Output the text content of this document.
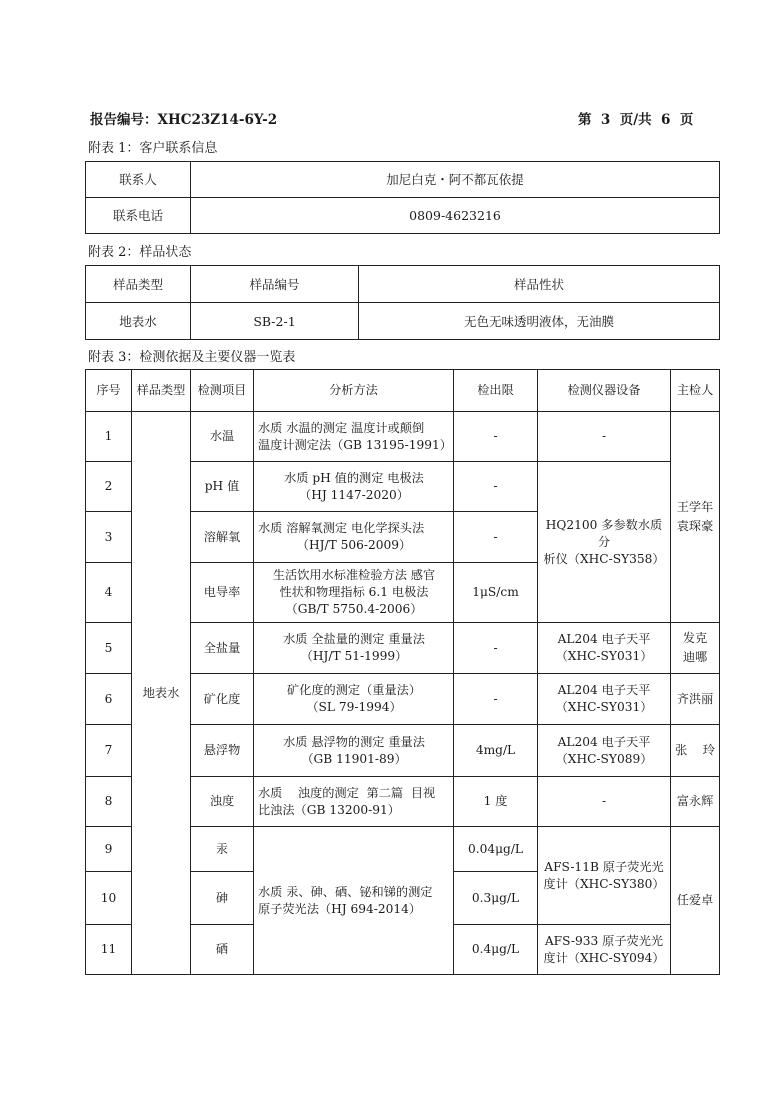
报告编号：XHC23Z14-6Y-2	第  3  页/共  6  页
附表 1：客户联系信息
联系人	加尼白克・阿不都瓦依提
联系电话	0809-4623216
附表 2：样品状态
样品类型	样品编号	样品性状
地表水	SB-2-1	无色无味透明液体，无油膜
附表 3：检测依据及主要仪器一览表
序号	样品类型	检测项目	分析方法	检出限	检测仪器设备	主检人
1	地表水	水温	水质 水温的测定 温度计或颠倒
温度计测定法（GB 13195-1991）	-	-	王学年
袁琛豪

2		pH 值	水质 pH 值的测定 电极法
（HJ 1147-2020）	-	HQ2100 多参数水质分
析仪（XHC-SY358）	

3		溶解氧	水质 溶解氧测定 电化学探头法
（HJ/T 506-2009）	-		
4		电导率	生活饮用水标准检验方法 感官
性状和物理指标 6.1 电极法
（GB/T 5750.4-2006）	1μS/cm		
5		全盐量	水质 全盐量的测定 重量法
（HJ/T 51-1999）	-	AL204 电子天平
（XHC-SY031）	发克
迪哪

6		矿化度	矿化度的测定（重量法）
（SL 79-1994）	-	AL204 电子天平
（XHC-SY031）	齐洪丽
7		悬浮物	水质 悬浮物的测定 重量法
（GB 11901-89）	4mg/L	AL204 电子天平
（XHC-SY089）	张    玲
8		浊度	水质    浊度的测定  第二篇  目视
比浊法（GB 13200-91）	1 度	-	富永辉
9		汞	水质 汞、砷、硒、铋和锑的测定
原子荧光法（HJ 694-2014）	0.04μg/L	AFS-11B 原子荧光光
度计（XHC-SY380）	任爱卓
10		砷		0.3μg/L		
11		硒		0.4μg/L	AFS-933 原子荧光光
度计（XHC-SY094）	
